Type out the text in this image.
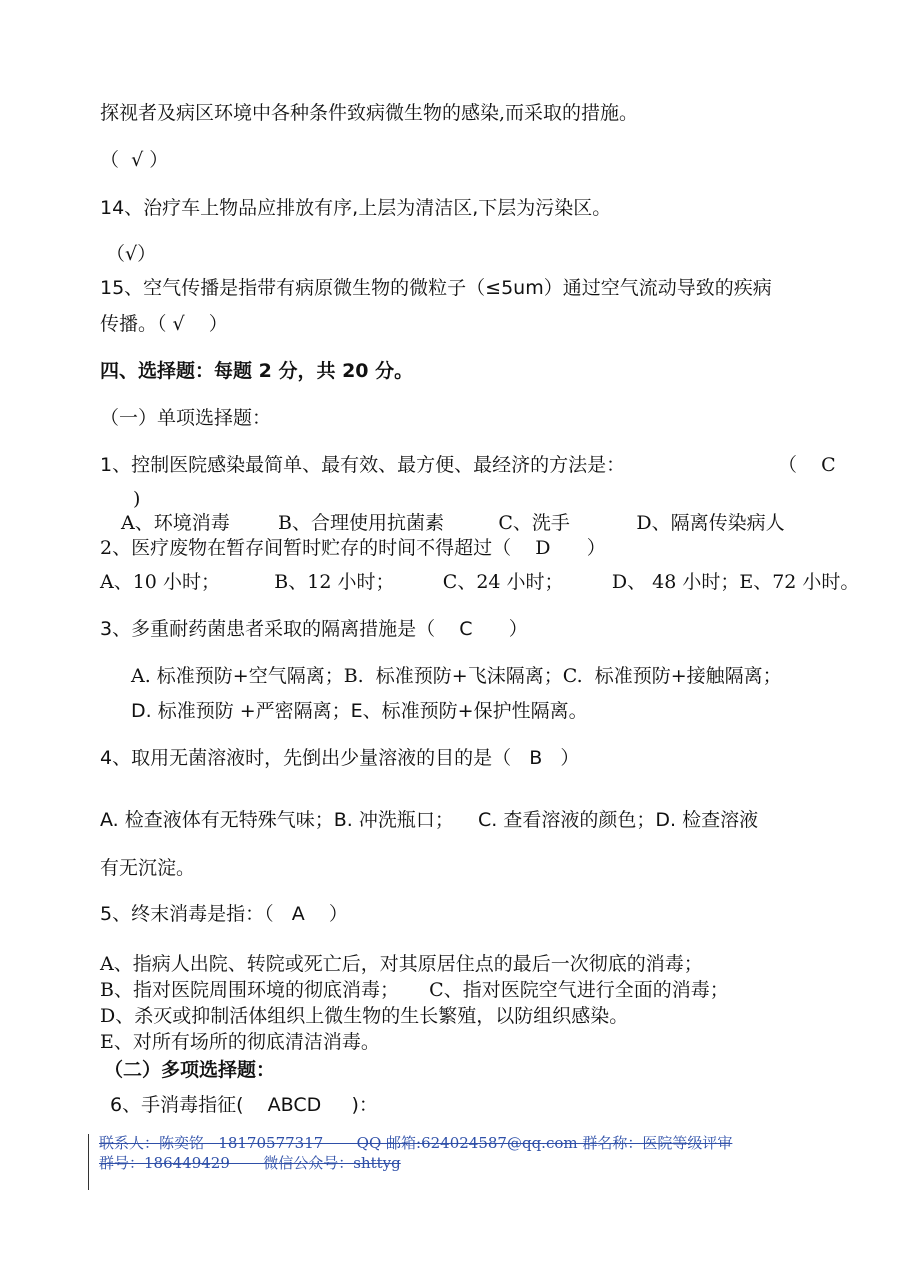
探视者及病区环境中各种条件致病微生物的感染,而采取的措施。
（  √ ）
14、治疗车上物品应排放有序,上层为清洁区,下层为污染区。
（√）
15、空气传播是指带有病原微生物的微粒子（≤5um）通过空气流动导致的疾病
传播。（ √    ）
四、选择题：每题 2 分，共 20 分。
（一）单项选择题：
1、控制医院感染最简单、最有效、最方便、最经济的方法是：	（    C
)
A、环境消毒        B、合理使用抗菌素         C、洗手           D、隔离传染病人
2、医疗废物在暂存间暂时贮存的时间不得超过（    D      ）
A、10 小时；         B、12 小时；        C、24 小时；        D、 48 小时；E、72 小时。
3、多重耐药菌患者采取的隔离措施是（    C      ）
A. 标准预防+空气隔离；B.  标准预防+飞沫隔离；C.  标准预防+接触隔离；
D. 标准预防 +严密隔离；E、标准预防+保护性隔离。
4、取用无菌溶液时，先倒出少量溶液的目的是（   B   ）
A. 检查液体有无特殊气味；B. 冲洗瓶口；    C. 查看溶液的颜色；D. 检查溶液
有无沉淀。
5、终末消毒是指：（   A    ）
A、指病人出院、转院或死亡后，对其原居住点的最后一次彻底的消毒；
B、指对医院周围环境的彻底消毒；     C、指对医院空气进行全面的消毒；
D、杀灭或抑制活体组织上微生物的生长繁殖，以防组织感染。
E、对所有场所的彻底清洁消毒。
（二）多项选择题：
6、手消毒指征(    ABCD     )：
联系人：陈奕铭   18170577317       QQ 邮箱:624024587@qq.com 群名称：医院等级评审
群号：186449429       微信公众号：shttyg
